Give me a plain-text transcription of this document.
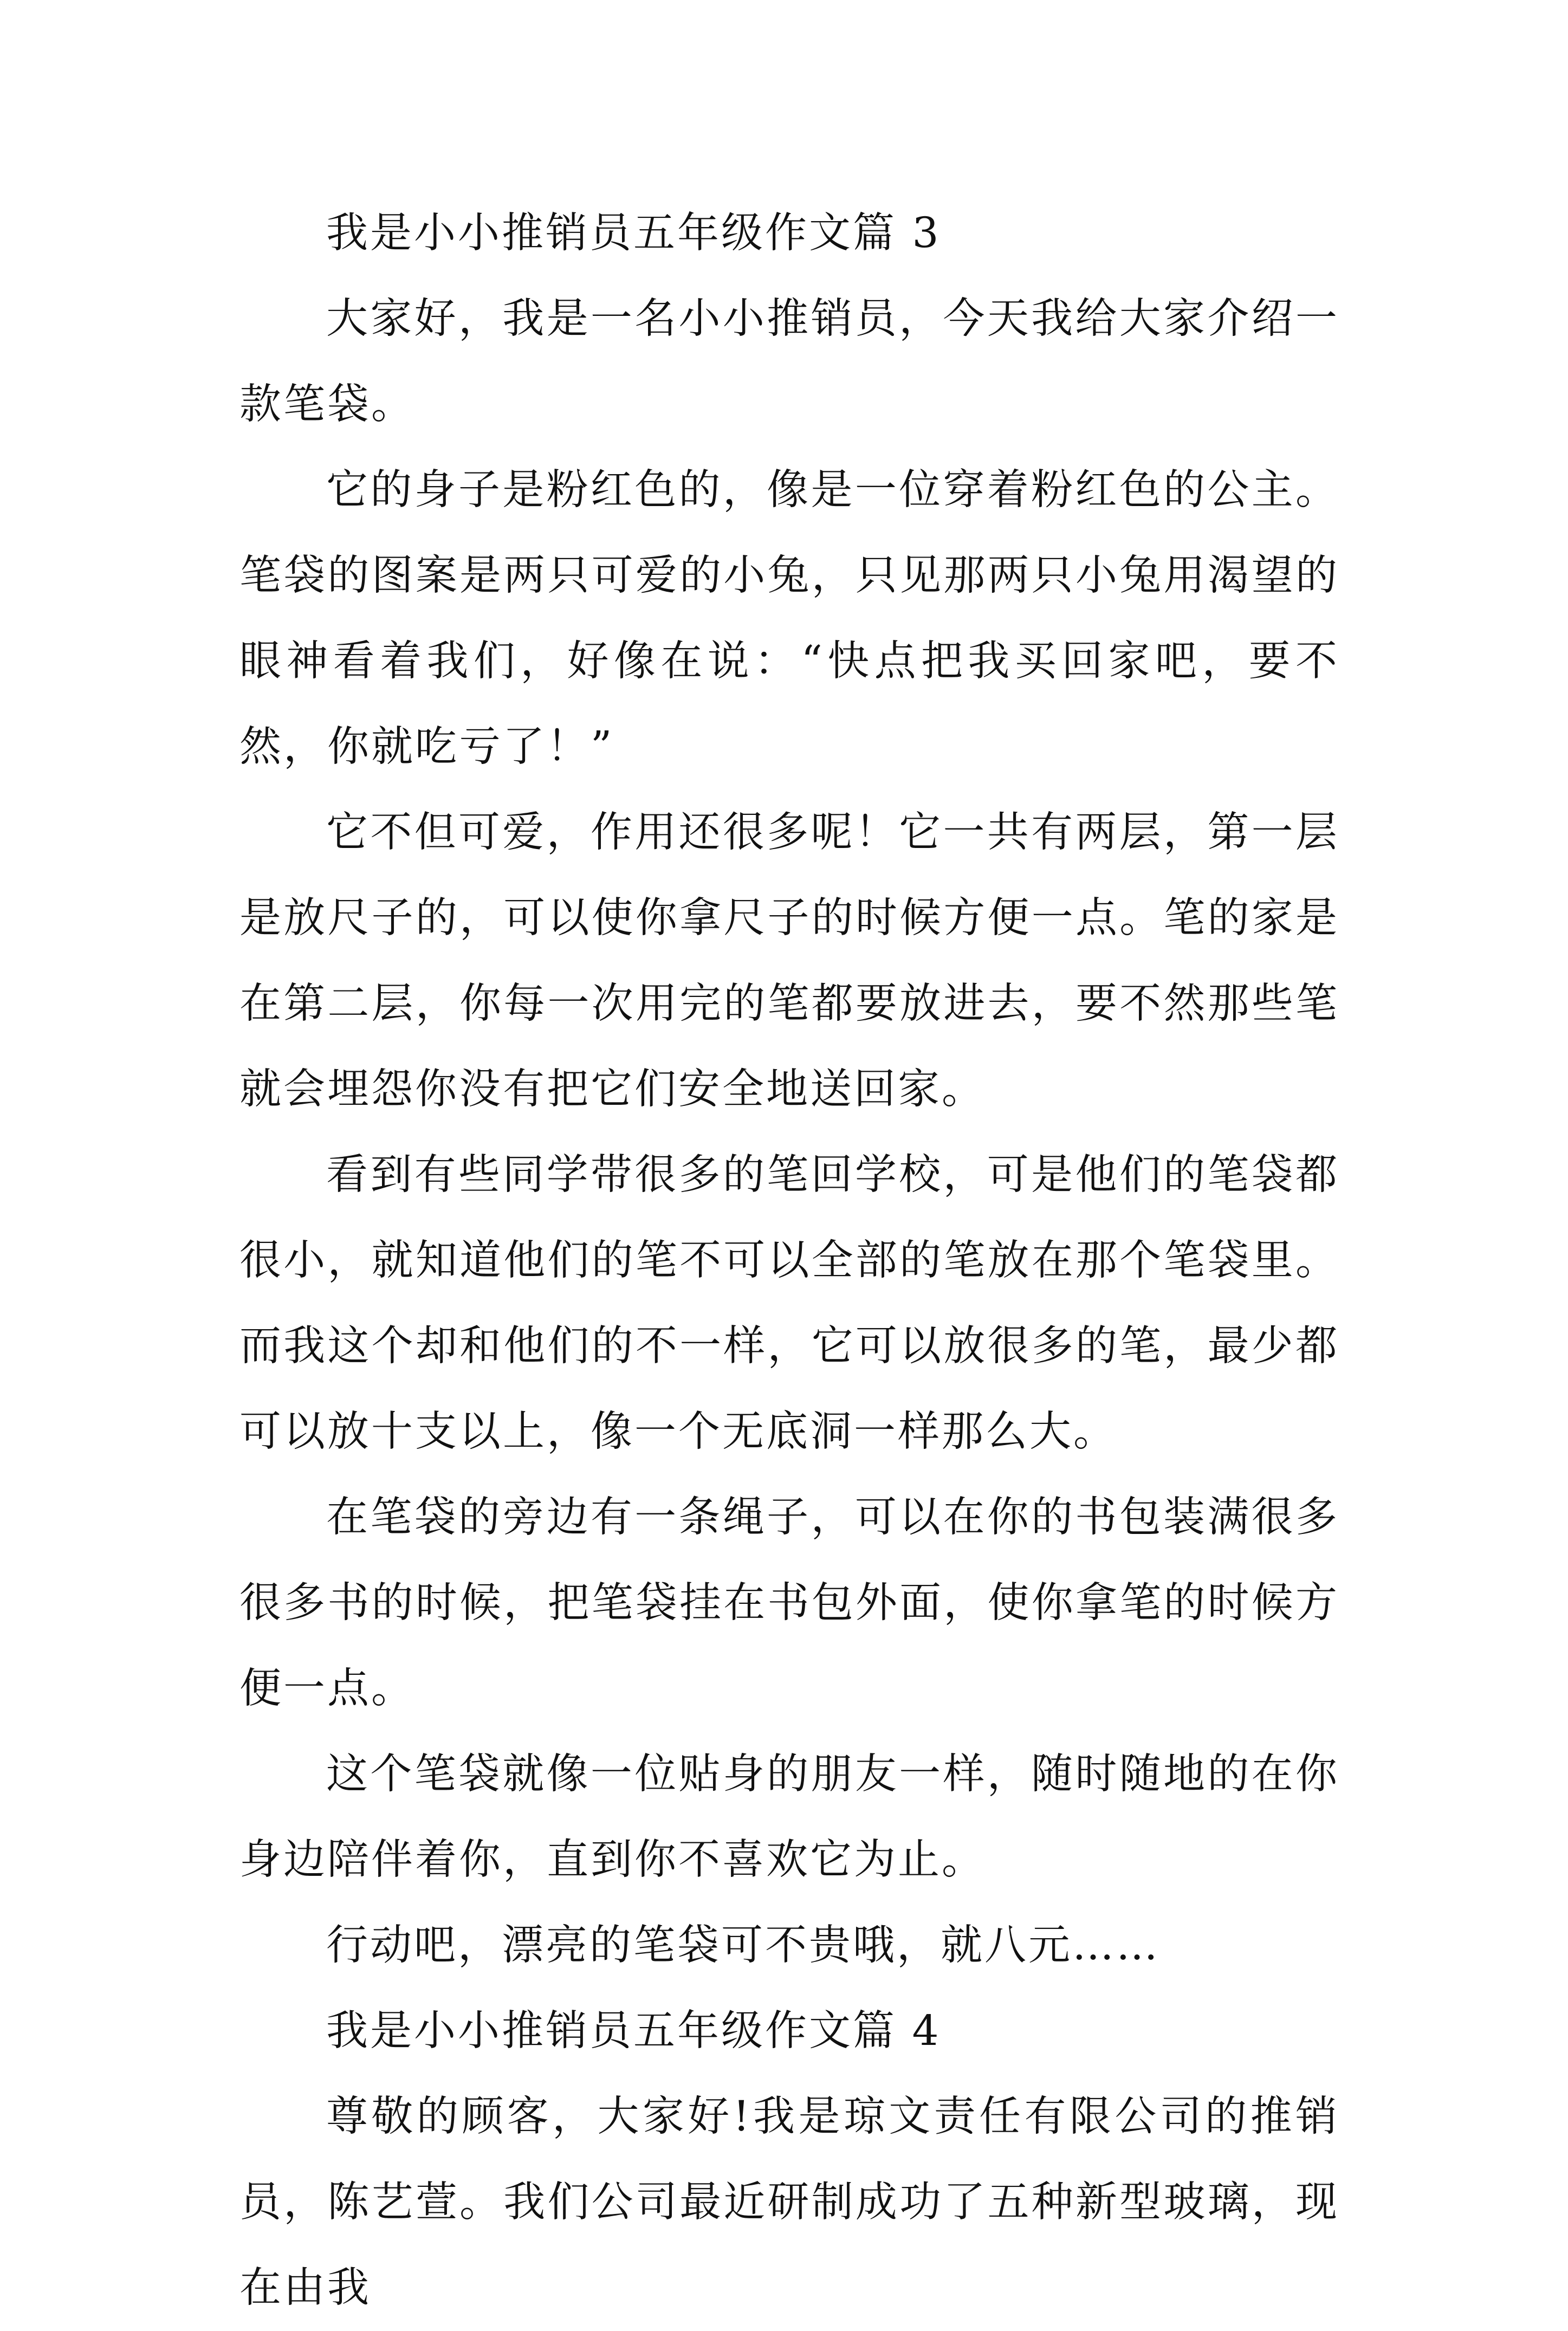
我是小小推销员五年级作文篇 3

大家好，我是一名小小推销员，今天我给大家介绍一款笔袋。

它的身子是粉红色的，像是一位穿着粉红色的公主。笔袋的图案是两只可爱的小兔，只见那两只小兔用渴望的眼神看着我们，好像在说：“快点把我买回家吧，要不然，你就吃亏了！”

它不但可爱，作用还很多呢！它一共有两层，第一层是放尺子的，可以使你拿尺子的时候方便一点。笔的家是在第二层，你每一次用完的笔都要放进去，要不然那些笔就会埋怨你没有把它们安全地送回家。

看到有些同学带很多的笔回学校，可是他们的笔袋都很小，就知道他们的笔不可以全部的笔放在那个笔袋里。而我这个却和他们的不一样，它可以放很多的笔，最少都可以放十支以上，像一个无底洞一样那么大。

在笔袋的旁边有一条绳子，可以在你的书包装满很多很多书的时候，把笔袋挂在书包外面，使你拿笔的时候方便一点。

这个笔袋就像一位贴身的朋友一样，随时随地的在你身边陪伴着你，直到你不喜欢它为止。

行动吧，漂亮的笔袋可不贵哦，就八元……

我是小小推销员五年级作文篇 4

尊敬的顾客，大家好!我是琼文责任有限公司的推销员，陈艺萱。我们公司最近研制成功了五种新型玻璃，现在由我
